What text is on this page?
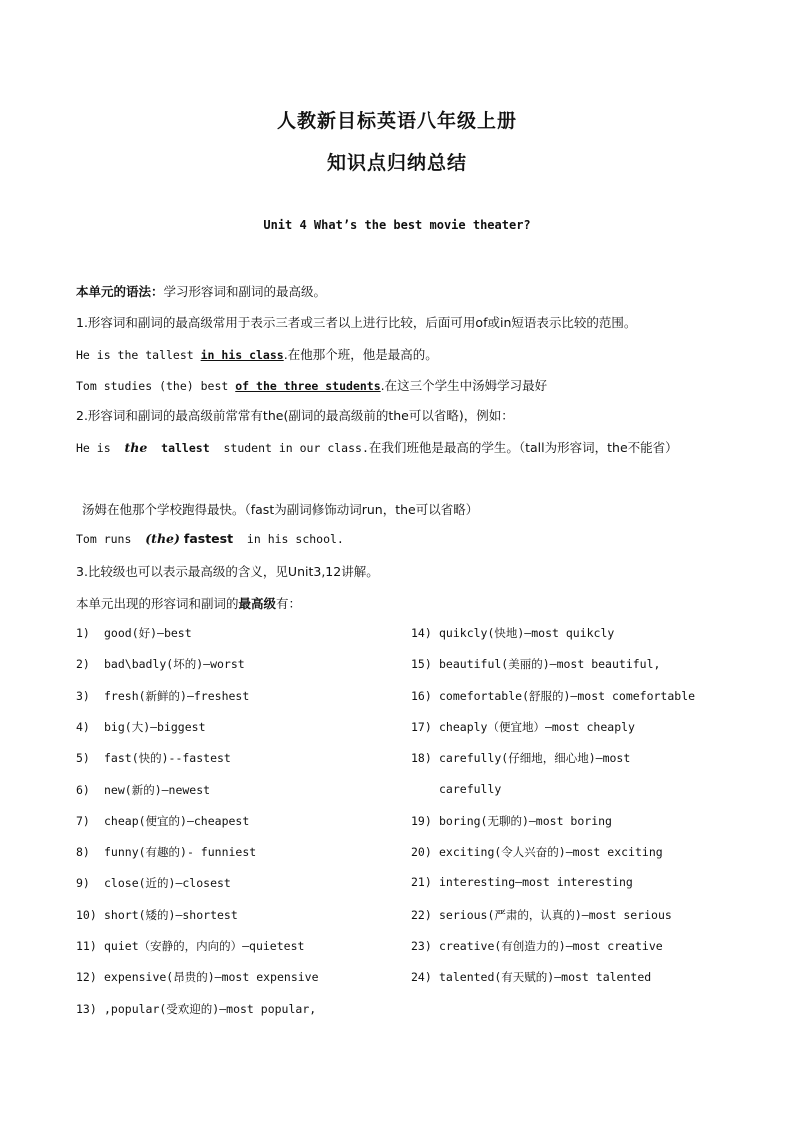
人教新目标英语八年级上册
知识点归纳总结
Unit 4 What’s the best movie theater?
本单元的语法：学习形容词和副词的最高级。
1.形容词和副词的最高级常用于表示三者或三者以上进行比较，后面可用of或in短语表示比较的范围。
He is the tallest in his class.在他那个班，他是最高的。
Tom studies (the) best of the three students.在这三个学生中汤姆学习最好
2.形容词和副词的最高级前常常有the(副词的最高级前的the可以省略)，例如：
He is  the tallest  student in our class.在我们班他是最高的学生。（tall为形容词，the不能省）
汤姆在他那个学校跑得最快。（fast为副词修饰动词run，the可以省略）
Tom runs  (the) fastest  in his school.
3.比较级也可以表示最高级的含义，见Unit3,12讲解。
本单元出现的形容词和副词的最高级有：
1) good(好)—best
2) bad\badly(坏的)—worst
3) fresh(新鲜的)—freshest
4) big(大)—biggest
5) fast(快的)--fastest
6) new(新的)—newest
7) cheap(便宜的)—cheapest
8) funny(有趣的)- funniest
9) close(近的)—closest
10) short(矮的)—shortest
11) quiet（安静的，内向的）—quietest
12) expensive(昂贵的)—most expensive
13) ,popular(受欢迎的)—most popular,
14) quikcly(快地)—most quikcly
15) beautiful(美丽的)—most beautiful,
16) comefortable(舒服的)—most comefortable
17) cheaply（便宜地）—most cheaply
18) carefully(仔细地，细心地)—most
carefully
19) boring(无聊的)—most boring
20) exciting(令人兴奋的)—most exciting
21) interesting—most interesting
22) serious(严肃的，认真的)—most serious
23) creative(有创造力的)—most creative
24) talented(有天赋的)—most talented
